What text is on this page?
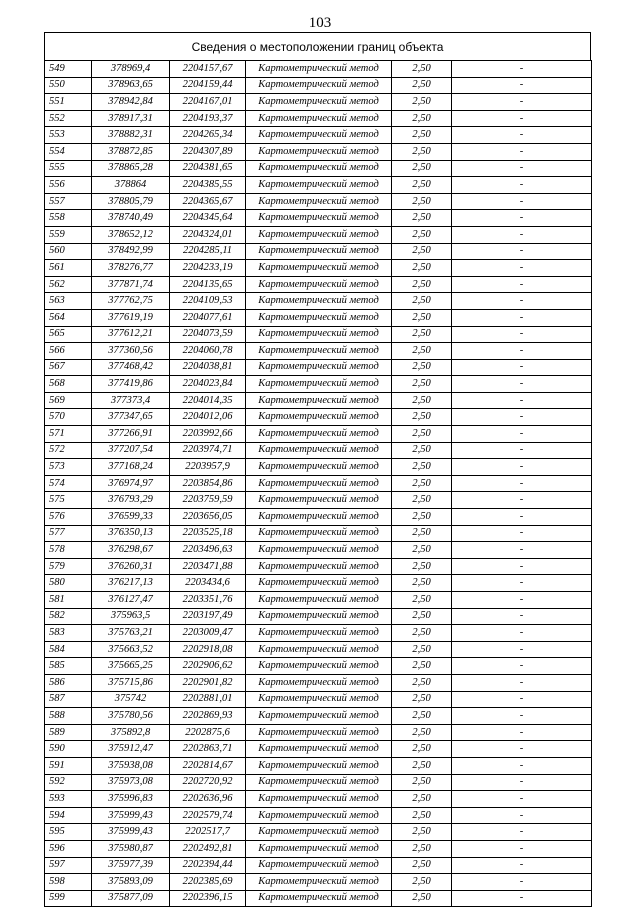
103
Сведения о местоположении границ объекта
549	378969,4	2204157,67	Картометрический метод	2,50	-
550	378963,65	2204159,44	Картометрический метод	2,50	-
551	378942,84	2204167,01	Картометрический метод	2,50	-
552	378917,31	2204193,37	Картометрический метод	2,50	-
553	378882,31	2204265,34	Картометрический метод	2,50	-
554	378872,85	2204307,89	Картометрический метод	2,50	-
555	378865,28	2204381,65	Картометрический метод	2,50	-
556	378864	2204385,55	Картометрический метод	2,50	-
557	378805,79	2204365,67	Картометрический метод	2,50	-
558	378740,49	2204345,64	Картометрический метод	2,50	-
559	378652,12	2204324,01	Картометрический метод	2,50	-
560	378492,99	2204285,11	Картометрический метод	2,50	-
561	378276,77	2204233,19	Картометрический метод	2,50	-
562	377871,74	2204135,65	Картометрический метод	2,50	-
563	377762,75	2204109,53	Картометрический метод	2,50	-
564	377619,19	2204077,61	Картометрический метод	2,50	-
565	377612,21	2204073,59	Картометрический метод	2,50	-
566	377360,56	2204060,78	Картометрический метод	2,50	-
567	377468,42	2204038,81	Картометрический метод	2,50	-
568	377419,86	2204023,84	Картометрический метод	2,50	-
569	377373,4	2204014,35	Картометрический метод	2,50	-
570	377347,65	2204012,06	Картометрический метод	2,50	-
571	377266,91	2203992,66	Картометрический метод	2,50	-
572	377207,54	2203974,71	Картометрический метод	2,50	-
573	377168,24	2203957,9	Картометрический метод	2,50	-
574	376974,97	2203854,86	Картометрический метод	2,50	-
575	376793,29	2203759,59	Картометрический метод	2,50	-
576	376599,33	2203656,05	Картометрический метод	2,50	-
577	376350,13	2203525,18	Картометрический метод	2,50	-
578	376298,67	2203496,63	Картометрический метод	2,50	-
579	376260,31	2203471,88	Картометрический метод	2,50	-
580	376217,13	2203434,6	Картометрический метод	2,50	-
581	376127,47	2203351,76	Картометрический метод	2,50	-
582	375963,5	2203197,49	Картометрический метод	2,50	-
583	375763,21	2203009,47	Картометрический метод	2,50	-
584	375663,52	2202918,08	Картометрический метод	2,50	-
585	375665,25	2202906,62	Картометрический метод	2,50	-
586	375715,86	2202901,82	Картометрический метод	2,50	-
587	375742	2202881,01	Картометрический метод	2,50	-
588	375780,56	2202869,93	Картометрический метод	2,50	-
589	375892,8	2202875,6	Картометрический метод	2,50	-
590	375912,47	2202863,71	Картометрический метод	2,50	-
591	375938,08	2202814,67	Картометрический метод	2,50	-
592	375973,08	2202720,92	Картометрический метод	2,50	-
593	375996,83	2202636,96	Картометрический метод	2,50	-
594	375999,43	2202579,74	Картометрический метод	2,50	-
595	375999,43	2202517,7	Картометрический метод	2,50	-
596	375980,87	2202492,81	Картометрический метод	2,50	-
597	375977,39	2202394,44	Картометрический метод	2,50	-
598	375893,09	2202385,69	Картометрический метод	2,50	-
599	375877,09	2202396,15	Картометрический метод	2,50	-
